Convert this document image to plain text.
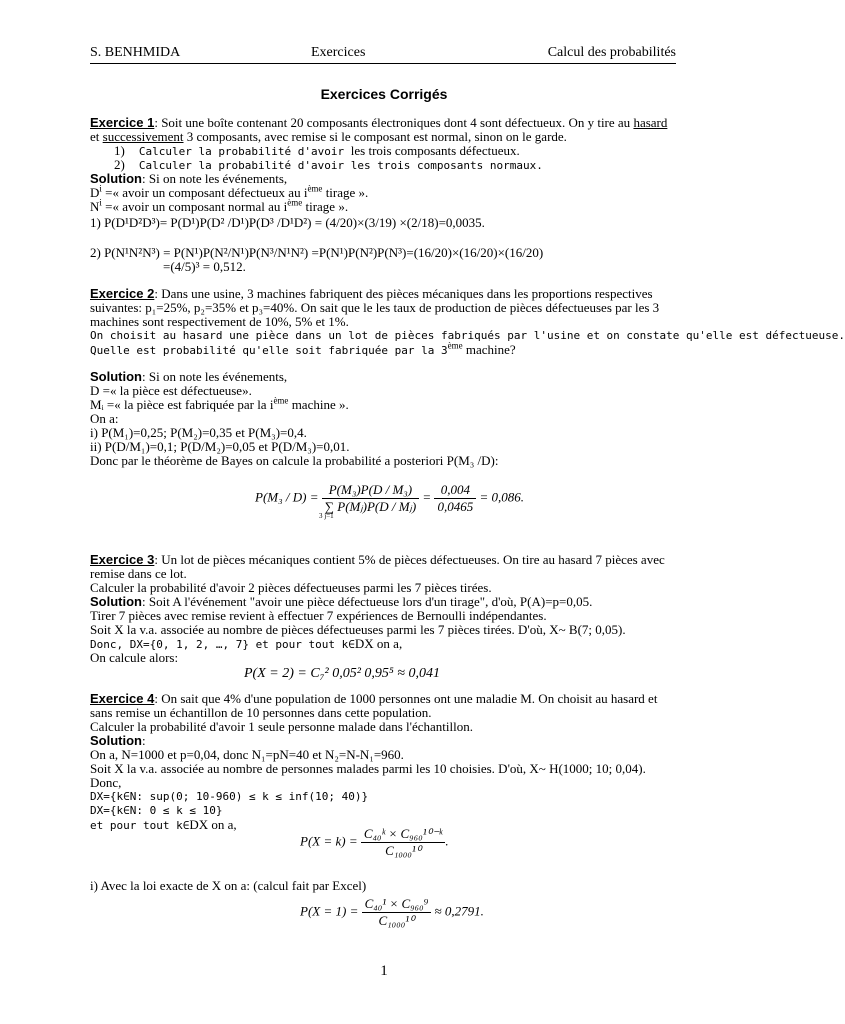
S. BENHMIDA	Exercices	Calcul des probabilités
Exercices Corrigés
Exercice 1: Soit une boîte contenant 20 composants électroniques dont 4 sont défectueux. On y tire au hasard
et successivement 3 composants, avec remise si le composant est normal, sinon on le garde.
1) Calculer la probabilité d'avoir les trois composants défectueux.
2) Calculer la probabilité d'avoir les trois composants normaux.
Solution: Si on note les événements,
$D^i$ =« avoir un composant défectueux au $i^{ème}$ tirage ».
$N^i$ =« avoir un composant normal au $i^{ème}$ tirage ».
1) P(D¹D²D³)= P(D¹)P(D² /D¹)P(D³ /D¹D²) = (4/20)×(3/19) ×(2/18)=0,0035.
2) P(N¹N²N³) = P(N¹)P(N²/N¹)P(N³/N¹N²) =P(N¹)P(N²)P(N³)=(16/20)×(16/20)×(16/20)
=(4/5)³ = 0,512.
Exercice 2: Dans une usine, 3 machines fabriquent des pièces mécaniques dans les proportions respectives
suivantes: p₁=25%, p₂=35% et p₃=40%. On sait que le les taux de production de pièces défectueuses par les 3
machines sont respectivement de 10%, 5% et 1%.
On choisit au hasard une pièce dans un lot de pièces fabriqués par l'usine et on constate qu'elle est défectueuse.
Quelle est probabilité qu'elle soit fabriquée par la 3ème machine?
Solution: Si on note les événements,
D =« la pièce est défectueuse».
Mᵢ =« la pièce est fabriquée par la $i^{ème}$ machine ».
On a:
i) P(M₁)=0,25; P(M₂)=0,35 et P(M₃)=0,4.
ii) P(D/M₁)=0,1; P(D/M₂)=0,05 et P(D/M₃)=0,01.
Donc par le théorème de Bayes on calcule la probabilité a posteriori P(M₃ /D):
$P(M_3 / D) = \frac{\text{P(M₃)P(D / M₃)}}{\text{∑ P(Mⱼ)P(D / Mⱼ)}} = \frac{0,004}{0,0465} = 0,086$.
3 j=1
Exercice 3: Un lot de pièces mécaniques contient 5% de pièces défectueuses. On tire au hasard 7 pièces avec
remise dans ce lot.
Calculer la probabilité d'avoir 2 pièces défectueuses parmi les 7 pièces tirées.
Solution: Soit A l'événement "avoir une pièce défectueuse lors d'un tirage", d'où, P(A)=p=0,05.
Tirer 7 pièces avec remise revient à effectuer 7 expériences de Bernoulli indépendantes.
Soit X la v.a. associée au nombre de pièces défectueuses parmi les 7 pièces tirées. D'où, X~ B(7; 0,05).
Donc, DX={0, 1, 2, …, 7} et pour tout k∈DX on a,
On calcule alors:
P(X = 2) = C₇² 0,05² 0,95⁵ ≈ 0,041
Exercice 4: On sait que 4% d'une population de 1000 personnes ont une maladie M. On choisit au hasard et
sans remise un échantillon de 10 personnes dans cette population.
Calculer la probabilité d'avoir 1 seule personne malade dans l'échantillon.
Solution:
On a, N=1000 et p=0,04, donc N₁=pN=40 et N₂=N-N₁=960.
Soit X la v.a. associée au nombre de personnes malades parmi les 10 choisies. D'où, X~ H(1000; 10; 0,04).
Donc,
DX={k∈N: sup(0; 10-960) ≤ k ≤ inf(10; 40)}
DX={k∈N: 0 ≤ k ≤ 10}
et pour tout k∈DX on a,
$P(X = k) = \frac{\text{C₄₀ᵏ × C₉₆₀¹⁰⁻ᵏ}}{\text{C₁₀₀₀¹⁰}}$ .
i) Avec la loi exacte de X on a: (calcul fait par Excel)
$P(X = 1) = \frac{\text{C₄₀¹ × C₉₆₀⁹}}{\text{C₁₀₀₀¹⁰}} \approx 0,2791$.
1
